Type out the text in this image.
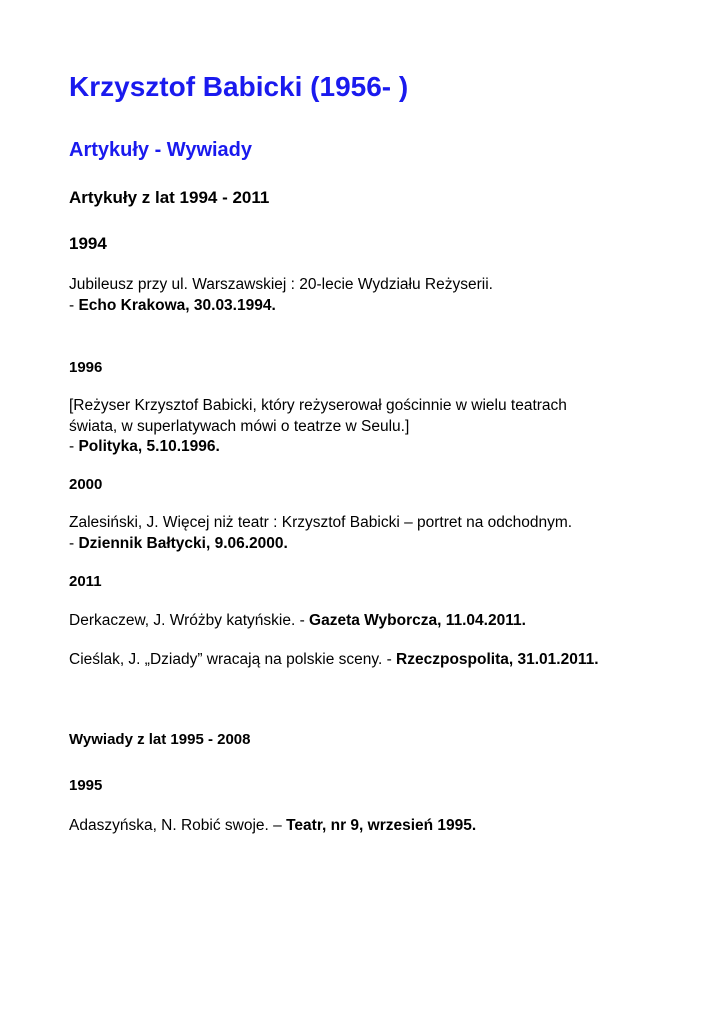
Krzysztof Babicki (1956- )
Artykuły - Wywiady
Artykuły z lat 1994 - 2011
1994

Jubileusz przy ul. Warszawskiej : 20-lecie Wydziału Reżyserii.
- Echo Krakowa, 30.03.1994.

1996

[Reżyser Krzysztof Babicki, który reżyserował gościnnie w wielu teatrach
świata, w superlatywach mówi o teatrze w Seulu.]
- Polityka, 5.10.1996.

2000

Zalesiński, J. Więcej niż teatr : Krzysztof Babicki – portret na odchodnym.
- Dziennik Bałtycki, 9.06.2000.

2011

Derkaczew, J. Wróżby katyńskie. - Gazeta Wyborcza, 11.04.2011.

Cieślak, J. „Dziady” wracają na polskie sceny. - Rzeczpospolita, 31.01.2011.

Wywiady z lat 1995 - 2008
1995

Adaszyńska, N. Robić swoje. – Teatr, nr 9, wrzesień 1995.
